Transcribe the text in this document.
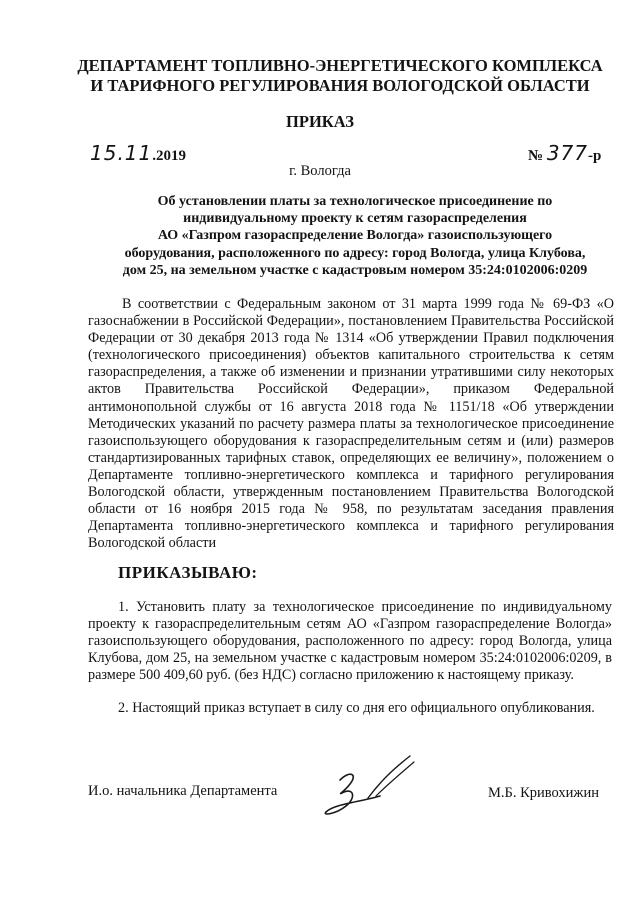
ДЕПАРТАМЕНТ ТОПЛИВНО-ЭНЕРГЕТИЧЕСКОГО КОМПЛЕКСА
И ТАРИФНОГО РЕГУЛИРОВАНИЯ ВОЛОГОДСКОЙ ОБЛАСТИ
ПРИКАЗ
15.11.2019	№ 377-р
г. Вологда
Об установлении платы за технологическое присоединение по
индивидуальному проекту к сетям газораспределения
АО «Газпром газораспределение Вологда» газоиспользующего
оборудования, расположенного по адресу: город Вологда, улица Клубова,
дом 25, на земельном участке с кадастровым номером 35:24:0102006:0209
В соответствии с Федеральным законом от 31 марта 1999 года № 69-ФЗ «О газоснабжении в Российской Федерации», постановлением Правительства Российской Федерации от 30 декабря 2013 года № 1314 «Об утверждении Правил подключения (технологического присоединения) объектов капитального строительства к сетям газораспределения, а также об изменении и признании утратившими силу некоторых актов Правительства Российской Федерации», приказом Федеральной антимонопольной службы от 16 августа 2018 года № 1151/18 «Об утверждении Методических указаний по расчету размера платы за технологическое присоединение газоиспользующего оборудования к газораспределительным сетям и (или) размеров стандартизированных тарифных ставок, определяющих ее величину», положением о Департаменте топливно-энергетического комплекса и тарифного регулирования Вологодской области, утвержденным постановлением Правительства Вологодской области от 16 ноября 2015 года № 958, по результатам заседания правления Департамента топливно-энергетического комплекса и тарифного регулирования Вологодской области
ПРИКАЗЫВАЮ:
1. Установить плату за технологическое присоединение по индивидуальному проекту к газораспределительным сетям АО «Газпром газораспределение Вологда» газоиспользующего оборудования, расположенного по адресу: город Вологда, улица Клубова, дом 25, на земельном участке с кадастровым номером 35:24:0102006:0209, в размере 500 409,60 руб. (без НДС) согласно приложению к настоящему приказу.
2. Настоящий приказ вступает в силу со дня его официального опубликования.
И.о. начальника Департамента	М.Б. Кривохижин
